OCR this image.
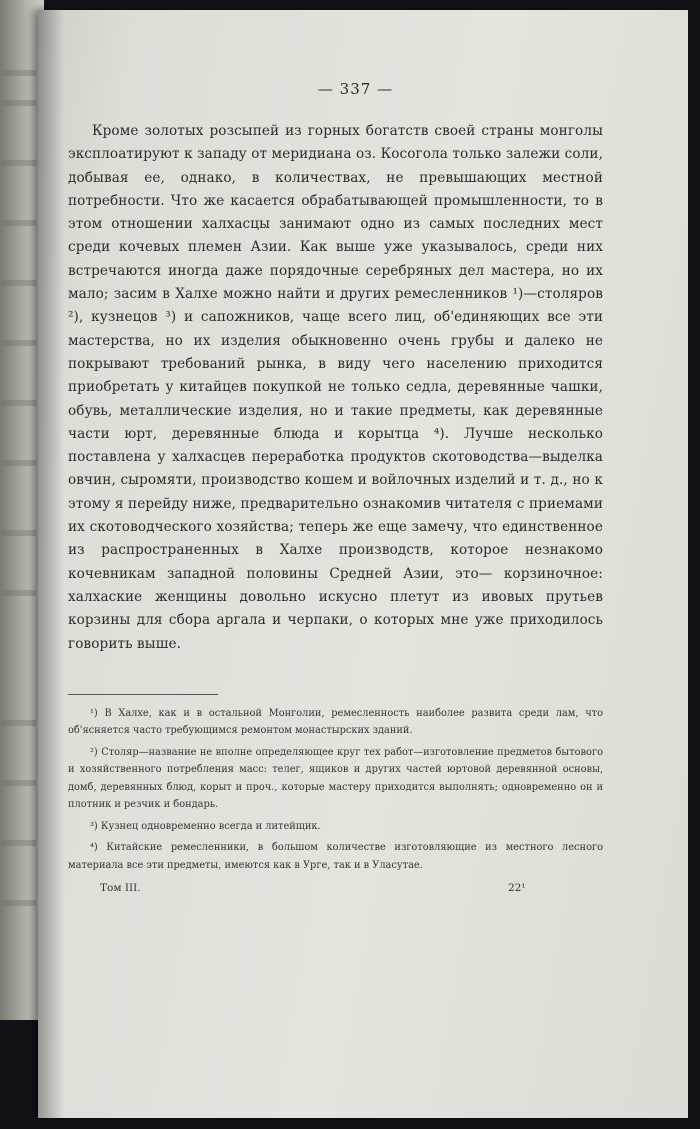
— 337 —

Кроме золотых розсыпей из горных богатств своей страны монголы эксплоатируют к западу от меридиана оз. Косогола только залежи соли, добывая ее, однако, в количествах, не превышающих местной потребности. Что же касается обрабатывающей промышленности, то в этом отношении халхасцы занимают одно из самых последних мест среди кочевых племен Азии. Как выше уже указывалось, среди них встречаются иногда даже порядочные серебряных дел мастера, но их мало; засим в Халхе можно найти и других ремесленников ¹)—столяров ²), кузнецов ³) и сапожников, чаще всего лиц, об'единяющих все эти мастерства, но их изделия обыкновенно очень грубы и далеко не покрывают требований рынка, в виду чего населению приходится приобретать у китайцев покупкой не только седла, деревянные чашки, обувь, металлические изделия, но и такие предметы, как деревянные части юрт, деревянные блюда и корытца ⁴). Лучше несколько поставлена у халхасцев переработка продуктов скотоводства—выделка овчин, сыромяти, производство кошем и войлочных изделий и т. д., но к этому я перейду ниже, предварительно ознакомив читателя с приемами их скотоводческого хозяйства; теперь же еще замечу, что единственное из распространенных в Халхе производств, которое незнакомо кочевникам западной половины Средней Азии, это— корзиночное: халхаские женщины довольно искусно плетут из ивовых прутьев корзины для сбора аргала и черпаки, о которых мне уже приходилось говорить выше.

¹) В Халхе, как и в остальной Монголии, ремесленность наиболее развита среди лам, что об'ясняется часто требующимся ремонтом монастырских зданий.

²) Столяр—название не вполне определяющее круг тех работ—изготовление предметов бытового и хозяйственного потребления масс: телег, ящиков и других частей юртовой деревянной основы, домб, деревянных блюд, корыт и проч., которые мастеру приходится выполнять; одновременно он и плотник и резчик и бондарь.

³) Кузнец одновременно всегда и литейщик.

⁴) Китайские ремесленники, в большом количестве изготовляющие из местного лесного материала все эти предметы, имеются как в Урге, так и в Уласутае.

Том III.	22¹
